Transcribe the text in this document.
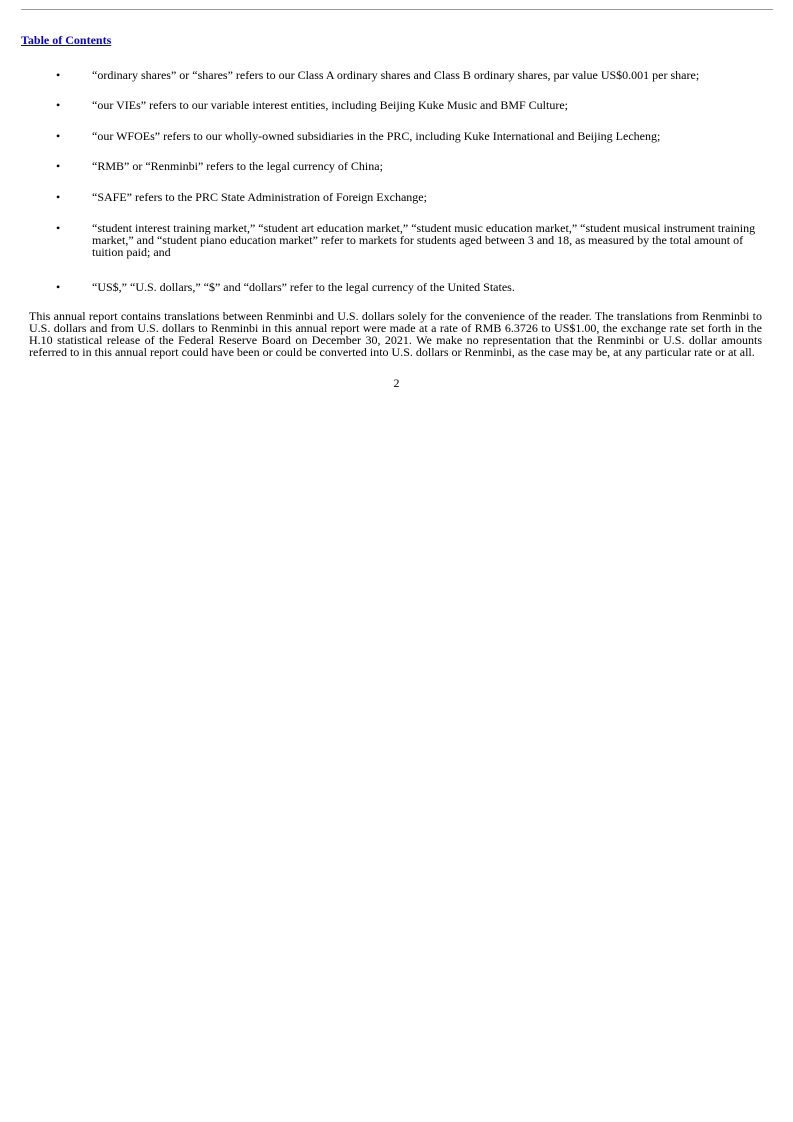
Table of Contents
•	“ordinary shares” or “shares” refers to our Class A ordinary shares and Class B ordinary shares, par value US$0.001 per share;
•	“our VIEs” refers to our variable interest entities, including Beijing Kuke Music and BMF Culture;
•	“our WFOEs” refers to our wholly-owned subsidiaries in the PRC, including Kuke International and Beijing Lecheng;
•	“RMB” or “Renminbi” refers to the legal currency of China;
•	“SAFE” refers to the PRC State Administration of Foreign Exchange;
•	“student interest training market,” “student art education market,” “student music education market,” “student musical instrument training market,” and “student piano education market” refer to markets for students aged between 3 and 18, as measured by the total amount of tuition paid; and
•	“US$,” “U.S. dollars,” “$” and “dollars” refer to the legal currency of the United States.

This annual report contains translations between Renminbi and U.S. dollars solely for the convenience of the reader. The translations from Renminbi to U.S. dollars and from U.S. dollars to Renminbi in this annual report were made at a rate of RMB 6.3726 to US$1.00, the exchange rate set forth in the H.10 statistical release of the Federal Reserve Board on December 30, 2021. We make no representation that the Renminbi or U.S. dollar amounts referred to in this annual report could have been or could be converted into U.S. dollars or Renminbi, as the case may be, at any particular rate or at all.

2
